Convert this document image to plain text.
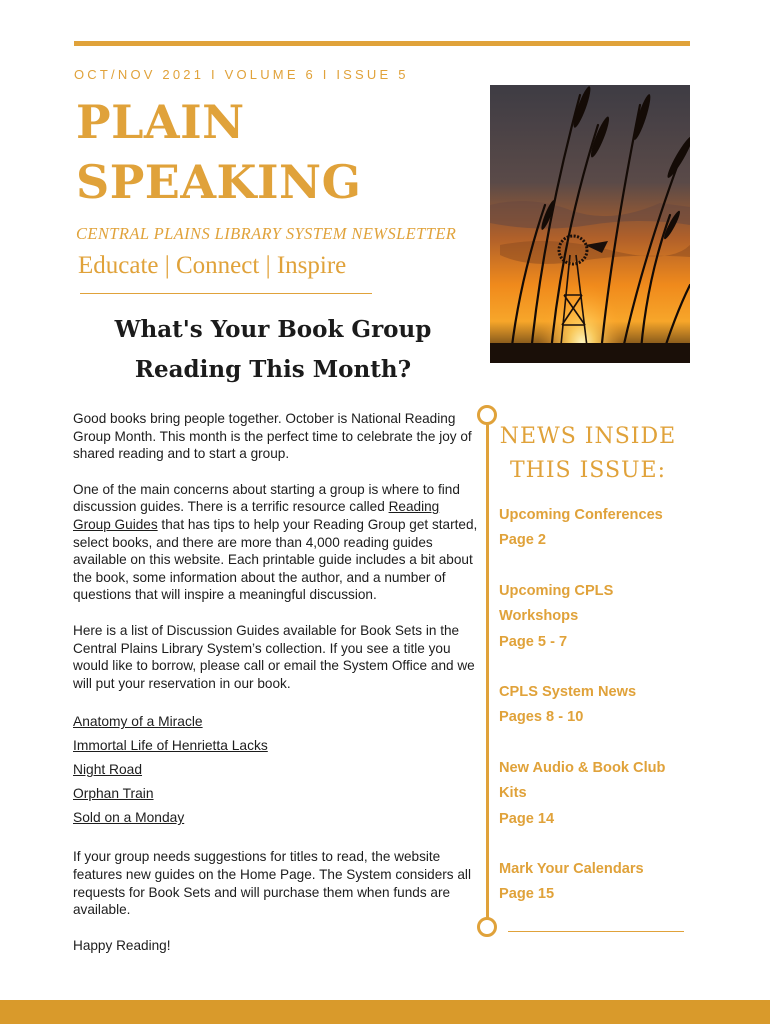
OCT/NOV 2021 I VOLUME 6 I ISSUE 5
PLAIN
SPEAKING
CENTRAL PLAINS LIBRARY SYSTEM NEWSLETTER
Educate | Connect | Inspire
What's Your Book Group
Reading This Month?

Good books bring people together. October is National Reading Group Month. This month is the perfect time to celebrate the joy of shared reading and to start a group.

One of the main concerns about starting a group is where to find discussion guides. There is a terrific resource called Reading Group Guides that has tips to help your Reading Group get started, select books, and there are more than 4,000 reading guides available on this website. Each printable guide includes a bit about the book, some information about the author, and a number of questions that will inspire a meaningful discussion.

Here is a list of Discussion Guides available for Book Sets in the Central Plains Library System’s collection. If you see a title you would like to borrow, please call or email the System Office and we will put your reservation in our book.

Anatomy of a Miracle
Immortal Life of Henrietta Lacks
Night Road
Orphan Train
Sold on a Monday

If your group needs suggestions for titles to read, the website features new guides on the Home Page. The System considers all requests for Book Sets and will purchase them when funds are available.

Happy Reading!

NEWS INSIDE
THIS ISSUE:
Upcoming Conferences
Page 2
Upcoming CPLS
Workshops
Page 5 - 7
CPLS System News
Pages 8 - 10
New Audio & Book Club
Kits
Page 14
Mark Your Calendars
Page 15
